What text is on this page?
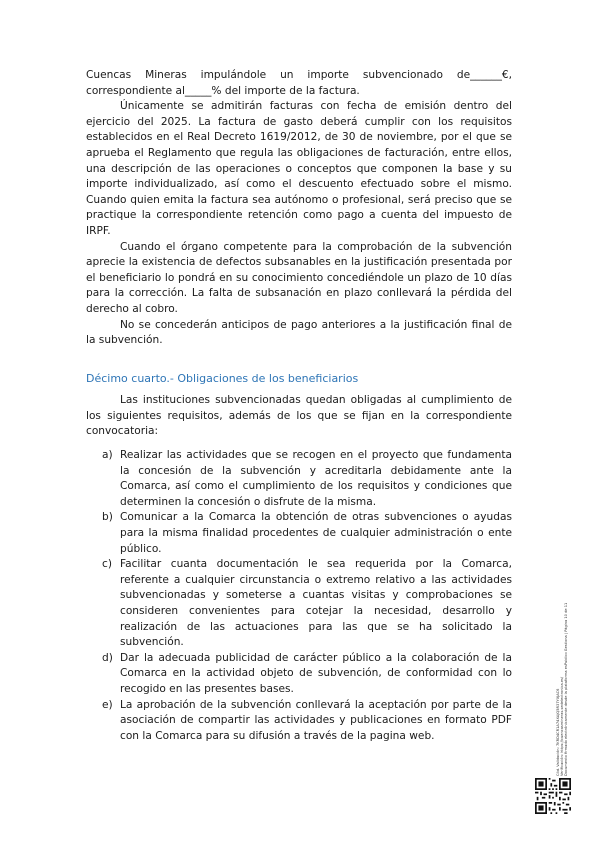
Cuencas Mineras impulándole un importe subvencionado de______€, correspondiente al_____% del importe de la factura.

Únicamente se admitirán facturas con fecha de emisión dentro del ejercicio del 2025. La factura de gasto deberá cumplir con los requisitos establecidos en el Real Decreto 1619/2012, de 30 de noviembre, por el que se aprueba el Reglamento que regula las obligaciones de facturación, entre ellos, una descripción de las operaciones o conceptos que componen la base y su importe individualizado, así como el descuento efectuado sobre el mismo. Cuando quien emita la factura sea autónomo o profesional, será preciso que se practique la correspondiente retención como pago a cuenta del impuesto de IRPF.

Cuando el órgano competente para la comprobación de la subvención aprecie la existencia de defectos subsanables en la justificación presentada por el beneficiario lo pondrá en su conocimiento concediéndole un plazo de 10 días para la corrección. La falta de subsanación en plazo conllevará la pérdida del derecho al cobro.

No se concederán anticipos de pago anteriores a la justificación final de la subvención.

Décimo cuarto.- Obligaciones de los beneficiarios

Las instituciones subvencionadas quedan obligadas al cumplimiento de los siguientes requisitos, además de los que se fijan en la correspondiente convocatoria:

a) Realizar las actividades que se recogen en el proyecto que fundamenta la concesión de la subvención y acreditarla debidamente ante la Comarca, así como el cumplimiento de los requisitos y condiciones que determinen la concesión o disfrute de la misma.
b) Comunicar a la Comarca la obtención de otras subvenciones o ayudas para la misma finalidad procedentes de cualquier administración o ente público.
c) Facilitar cuanta documentación le sea requerida por la Comarca, referente a cualquier circunstancia o extremo relativo a las actividades subvencionadas y someterse a cuantas visitas y comprobaciones se consideren convenientes para cotejar la necesidad, desarrollo y realización de las actuaciones para las que se ha solicitado la subvención.
d) Dar la adecuada publicidad de carácter público a la colaboración de la Comarca en la actividad objeto de subvención, de conformidad con lo recogido en las presentes bases.
e) La aprobación de la subvención conllevará la aceptación por parte de la asociación de compartir las actividades y publicaciones en formato PDF con la Comarca para su difusión a través de la pagina web.	Cód. Validación: 7KRD4CR1A74XAJQ5R37YXJAC6 Verificación: https://cuencasmineras.sedelectronica.es/ Documento firmado electrónicamente desde la plataforma esPublico Gestiona | Página 10 de 11
